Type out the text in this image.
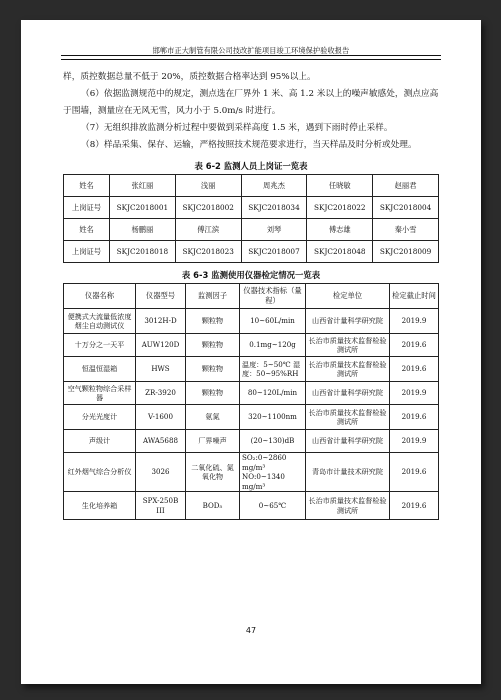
邯郸市正大制管有限公司技改扩能项目竣工环境保护验收报告

样，质控数据总量不低于 20%，质控数据合格率达到 95%以上。

（6）依据监测规范中的规定，测点选在厂界外 1 米、高 1.2 米以上的噪声敏感处，测点应高于围墙，测量应在无风无雪，风力小于 5.0m/s 时进行。

（7）无组织排放监测分析过程中要做到采样高度 1.5 米，遇到下雨时停止采样。

（8）样品采集、保存、运输，严格按照技术规范要求进行，当天样品及时分析或处理。

表 6-2 监测人员上岗证一览表
姓名	张红丽	浅丽	周兆杰	任晓敏	赵丽君
上岗证号	SKJC2018001	SKJC2018002	SKJC2018034	SKJC2018022	SKJC2018004
姓名	杨鹏丽	傅江滨	刘琴	傅志雄	秦小雪
上岗证号	SKJC2018018	SKJC2018023	SKJC2018007	SKJC2018048	SKJC2018009
表 6-3 监测使用仪器检定情况一览表
仪器名称	仪器型号	监测因子	仪器技术指标（量 程）	检定单位	检定截止时间
便携式大流量低浓度烟尘自动测试仪	3012H-D	颗粒物	10~60L/min	山西省计量科学研究院	2019.9
十万分之一天平	AUW120D	颗粒物	0.1mg~120g	长治市质量技术监督检验测试所	2019.6
恒温恒湿箱	HWS	颗粒物	温度：5~50℃ 湿度：50~95%RH	长治市质量技术监督检验测试所	2019.6
空气颗粒物综合采样器	ZR-3920	颗粒物	80~120L/min	山西省计量科学研究院	2019.9
分光光度计	V-1600	氨氮	320~1100nm	长治市质量技术监督检验测试所	2019.6
声级计	AWA5688	厂界噪声	(20~130)dB	山西省计量科学研究院	2019.9
红外烟气综合分析仪	3026	二氧化硫、氮氧化物	SO₂:0~2860 mg/m³ NO:0~1340 mg/m³	青岛市计量技术研究院	2019.6
生化培养箱	SPX-250B III	BOD₅	0~65℃	长治市质量技术监督检验测试所	2019.6
47
